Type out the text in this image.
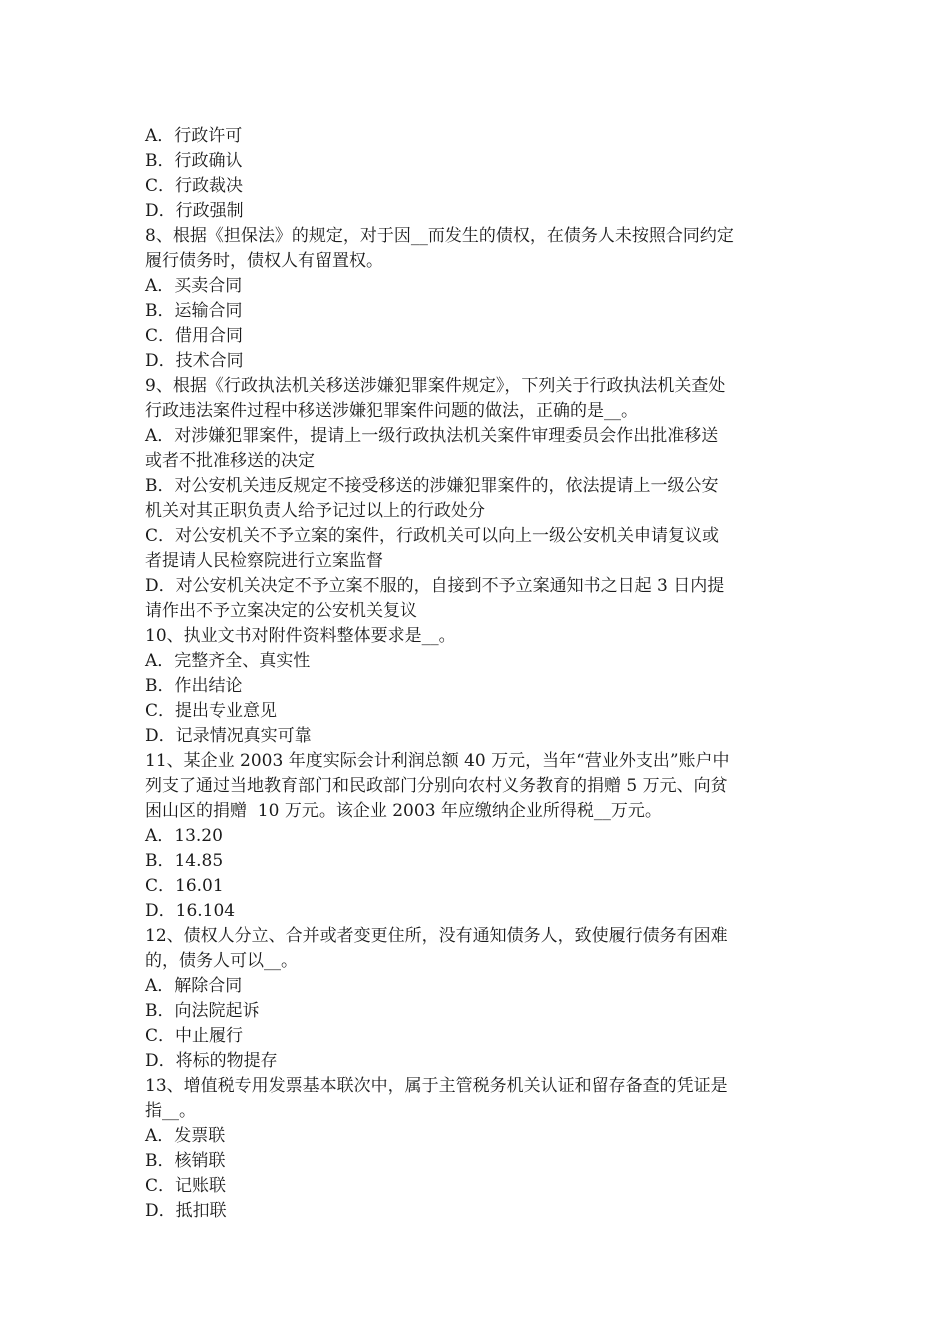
A．行政许可
B．行政确认
C．行政裁决
D．行政强制
8、根据《担保法》的规定，对于因__而发生的债权，在债务人未按照合同约定
履行债务时，债权人有留置权。
A．买卖合同
B．运输合同
C．借用合同
D．技术合同
9、根据《行政执法机关移送涉嫌犯罪案件规定》，下列关于行政执法机关查处
行政违法案件过程中移送涉嫌犯罪案件问题的做法，正确的是__。
A．对涉嫌犯罪案件，提请上一级行政执法机关案件审理委员会作出批准移送
或者不批准移送的决定
B．对公安机关违反规定不接受移送的涉嫌犯罪案件的，依法提请上一级公安
机关对其正职负责人给予记过以上的行政处分
C．对公安机关不予立案的案件，行政机关可以向上一级公安机关申请复议或
者提请人民检察院进行立案监督
D．对公安机关决定不予立案不服的，自接到不予立案通知书之日起 3 日内提
请作出不予立案决定的公安机关复议
10、执业文书对附件资料整体要求是__。
A．完整齐全、真实性
B．作出结论
C．提出专业意见
D．记录情况真实可靠
11、某企业 2003 年度实际会计利润总额 40 万元，当年“营业外支出”账户中
列支了通过当地教育部门和民政部门分别向农村义务教育的捐赠 5 万元、向贫
困山区的捐赠  10 万元。该企业 2003 年应缴纳企业所得税__万元。
A．13.20
B．14.85
C．16.01
D．16.104
12、债权人分立、合并或者变更住所，没有通知债务人，致使履行债务有困难
的，债务人可以__。
A．解除合同
B．向法院起诉
C．中止履行
D．将标的物提存
13、增值税专用发票基本联次中，属于主管税务机关认证和留存备查的凭证是
指__。
A．发票联
B．核销联
C．记账联
D．抵扣联
